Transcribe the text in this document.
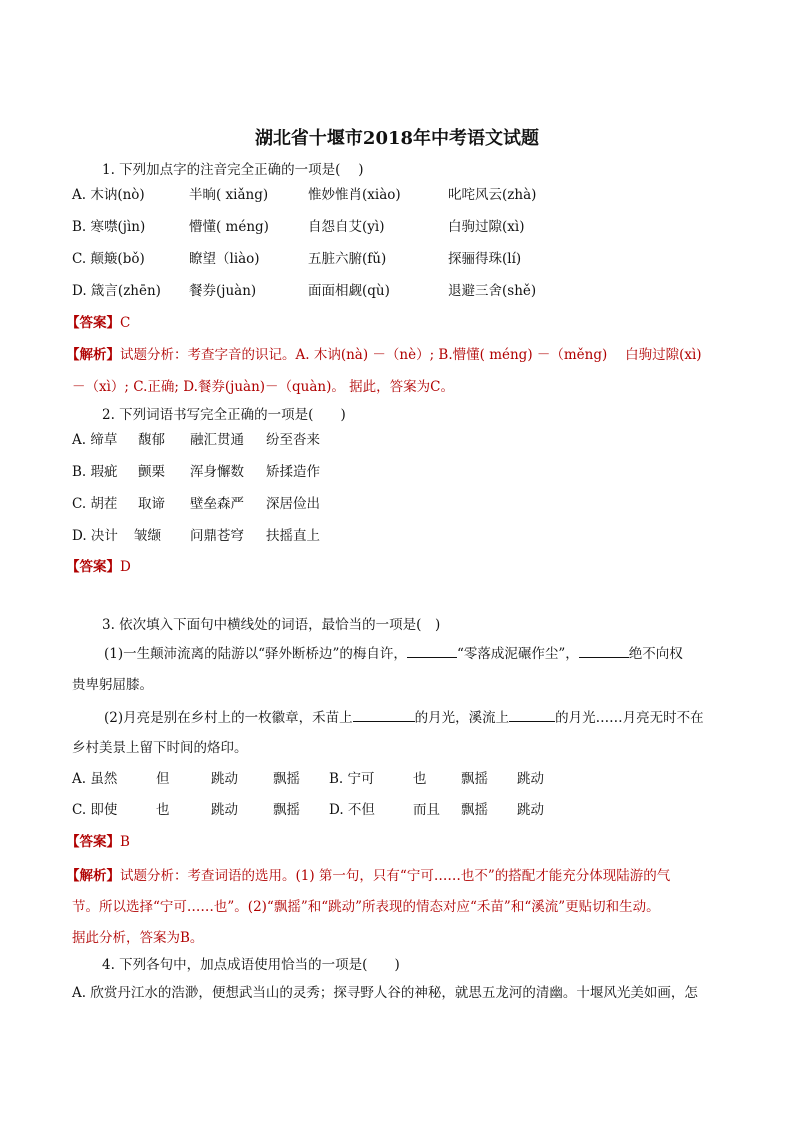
湖北省十堰市2018年中考语文试题
1. 下列加点字的注音完全正确的一项是(　 )
A. 木讷(nò)	半晌( xiǎng)	惟妙惟肖(xiào)	叱咤风云(zhà)
B. 寒噤(jìn)	懵懂( méng)	自怨自艾(yì)	白驹过隙(xì)
C. 颠簸(bǒ)	瞭望（liào)	五脏六腑(fǔ)	探骊得珠(lí)
D. 箴言(zhēn) 餐券(juàn)	面面相觑(qù)	退避三舍(shě)
【答案】C
【解析】试题分析：考查字音的识记。A. 木讷(nà) －（nè）; B.懵懂( méng) －（měng)　 白驹过隙(xì)
－（xì）; C.正确; D.餐券(juàn)－（quàn)。 据此，答案为C。
2. 下列词语书写完全正确的一项是(　　)
A. 缔草 馥郁 融汇贯通 纷至沓来
B. 瑕疵 颤栗 浑身懈数 矫揉造作
C. 胡茬 取谛 壁垒森严 深居俭出
D. 决计 皱缬 问鼎苍穹 扶摇直上
【答案】D
3. 依次填入下面句中横线处的词语，最恰当的一项是(　)
(1)一生颠沛流离的陆游以“驿外断桥边”的梅自许，	“零落成泥碾作尘”，	绝不向权
贵卑躬屈膝。
(2)月亮是别在乡村上的一枚徽章，禾苗上	的月光，溪流上	的月光……月亮无时不在
乡村美景上留下时间的烙印。
A. 虽然	但	跳动	飘摇 B. 宁可	也	飘摇 跳动
C. 即使	也	跳动	飘摇 D. 不但	而且 飘摇 跳动
【答案】B
【解析】试题分析：考查词语的选用。(1) 第一句，只有“宁可……也不”的搭配才能充分体现陆游的气
节。所以选择“宁可……也”。(2)“飘摇”和“跳动”所表现的情态对应“禾苗”和“溪流”更贴切和生动。
据此分析，答案为B。
4. 下列各句中，加点成语使用恰当的一项是(　　)
A. 欣赏丹江水的浩渺，便想武当山的灵秀；探寻野人谷的神秘，就思五龙河的清幽。十堰风光美如画，怎
